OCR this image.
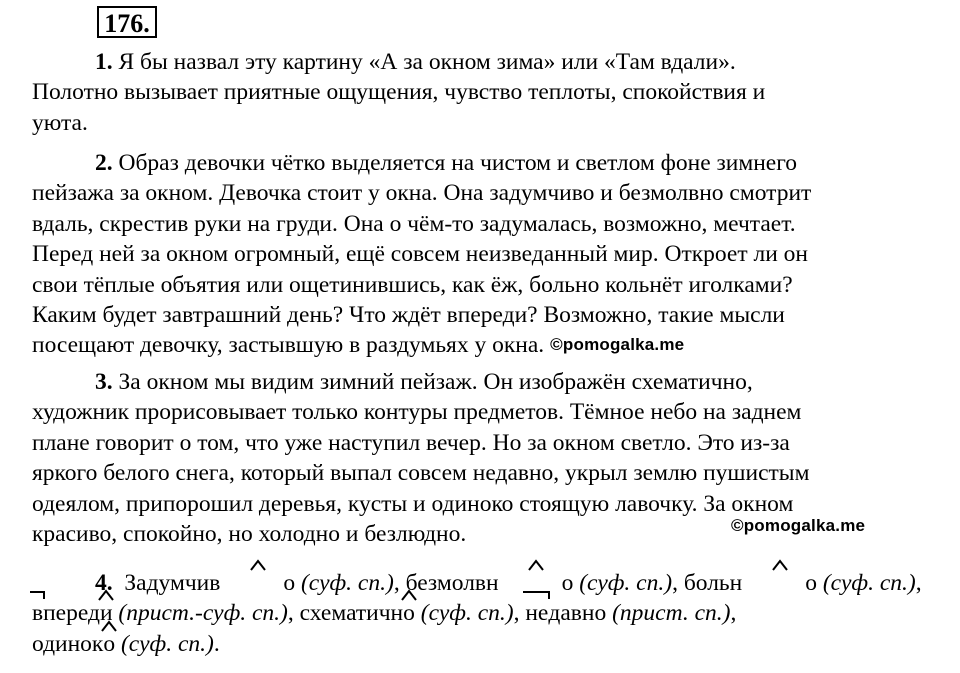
176.
1. Я бы назвал эту картину «А за окном зима» или «Там вдали».
Полотно вызывает приятные ощущения, чувство теплоты, спокойствия и
уюта.
2. Образ девочки чётко выделяется на чистом и светлом фоне зимнего
пейзажа за окном. Девочка стоит у окна. Она задумчиво и безмолвно смотрит
вдаль, скрестив руки на груди. Она о чём-то задумалась, возможно, мечтает.
Перед ней за окном огромный, ещё совсем неизведанный мир. Откроет ли он
свои тёплые объятия или ощетинившись, как ёж, больно кольнёт иголками?
Каким будет завтрашний день? Что ждёт впереди? Возможно, такие мысли
посещают девочку, застывшую в раздумьях у окна. ©pomogalka.me
3. За окном мы видим зимний пейзаж. Он изображён схематично,
художник прорисовывает только контуры предметов. Тёмное небо на заднем
плане говорит о том, что уже наступил вечер. Но за окном светло. Это из-за
яркого белого снега, который выпал совсем недавно, укрыл землю пушистым
одеялом, припорошил деревья, кусты и одиноко стоящую лавочку. За окном
красиво, спокойно, но холодно и безлюдно.	©pomogalka.me
4. Задумчив	о (суф. сп.), безмолвн	о (суф. сп.), больн	о (суф. сп.),
вперед
и (прист.-суф. сп.), схематичн
о (суф. сп.),
недавно (прист. сп.),
одинок
о (суф. сп.).
